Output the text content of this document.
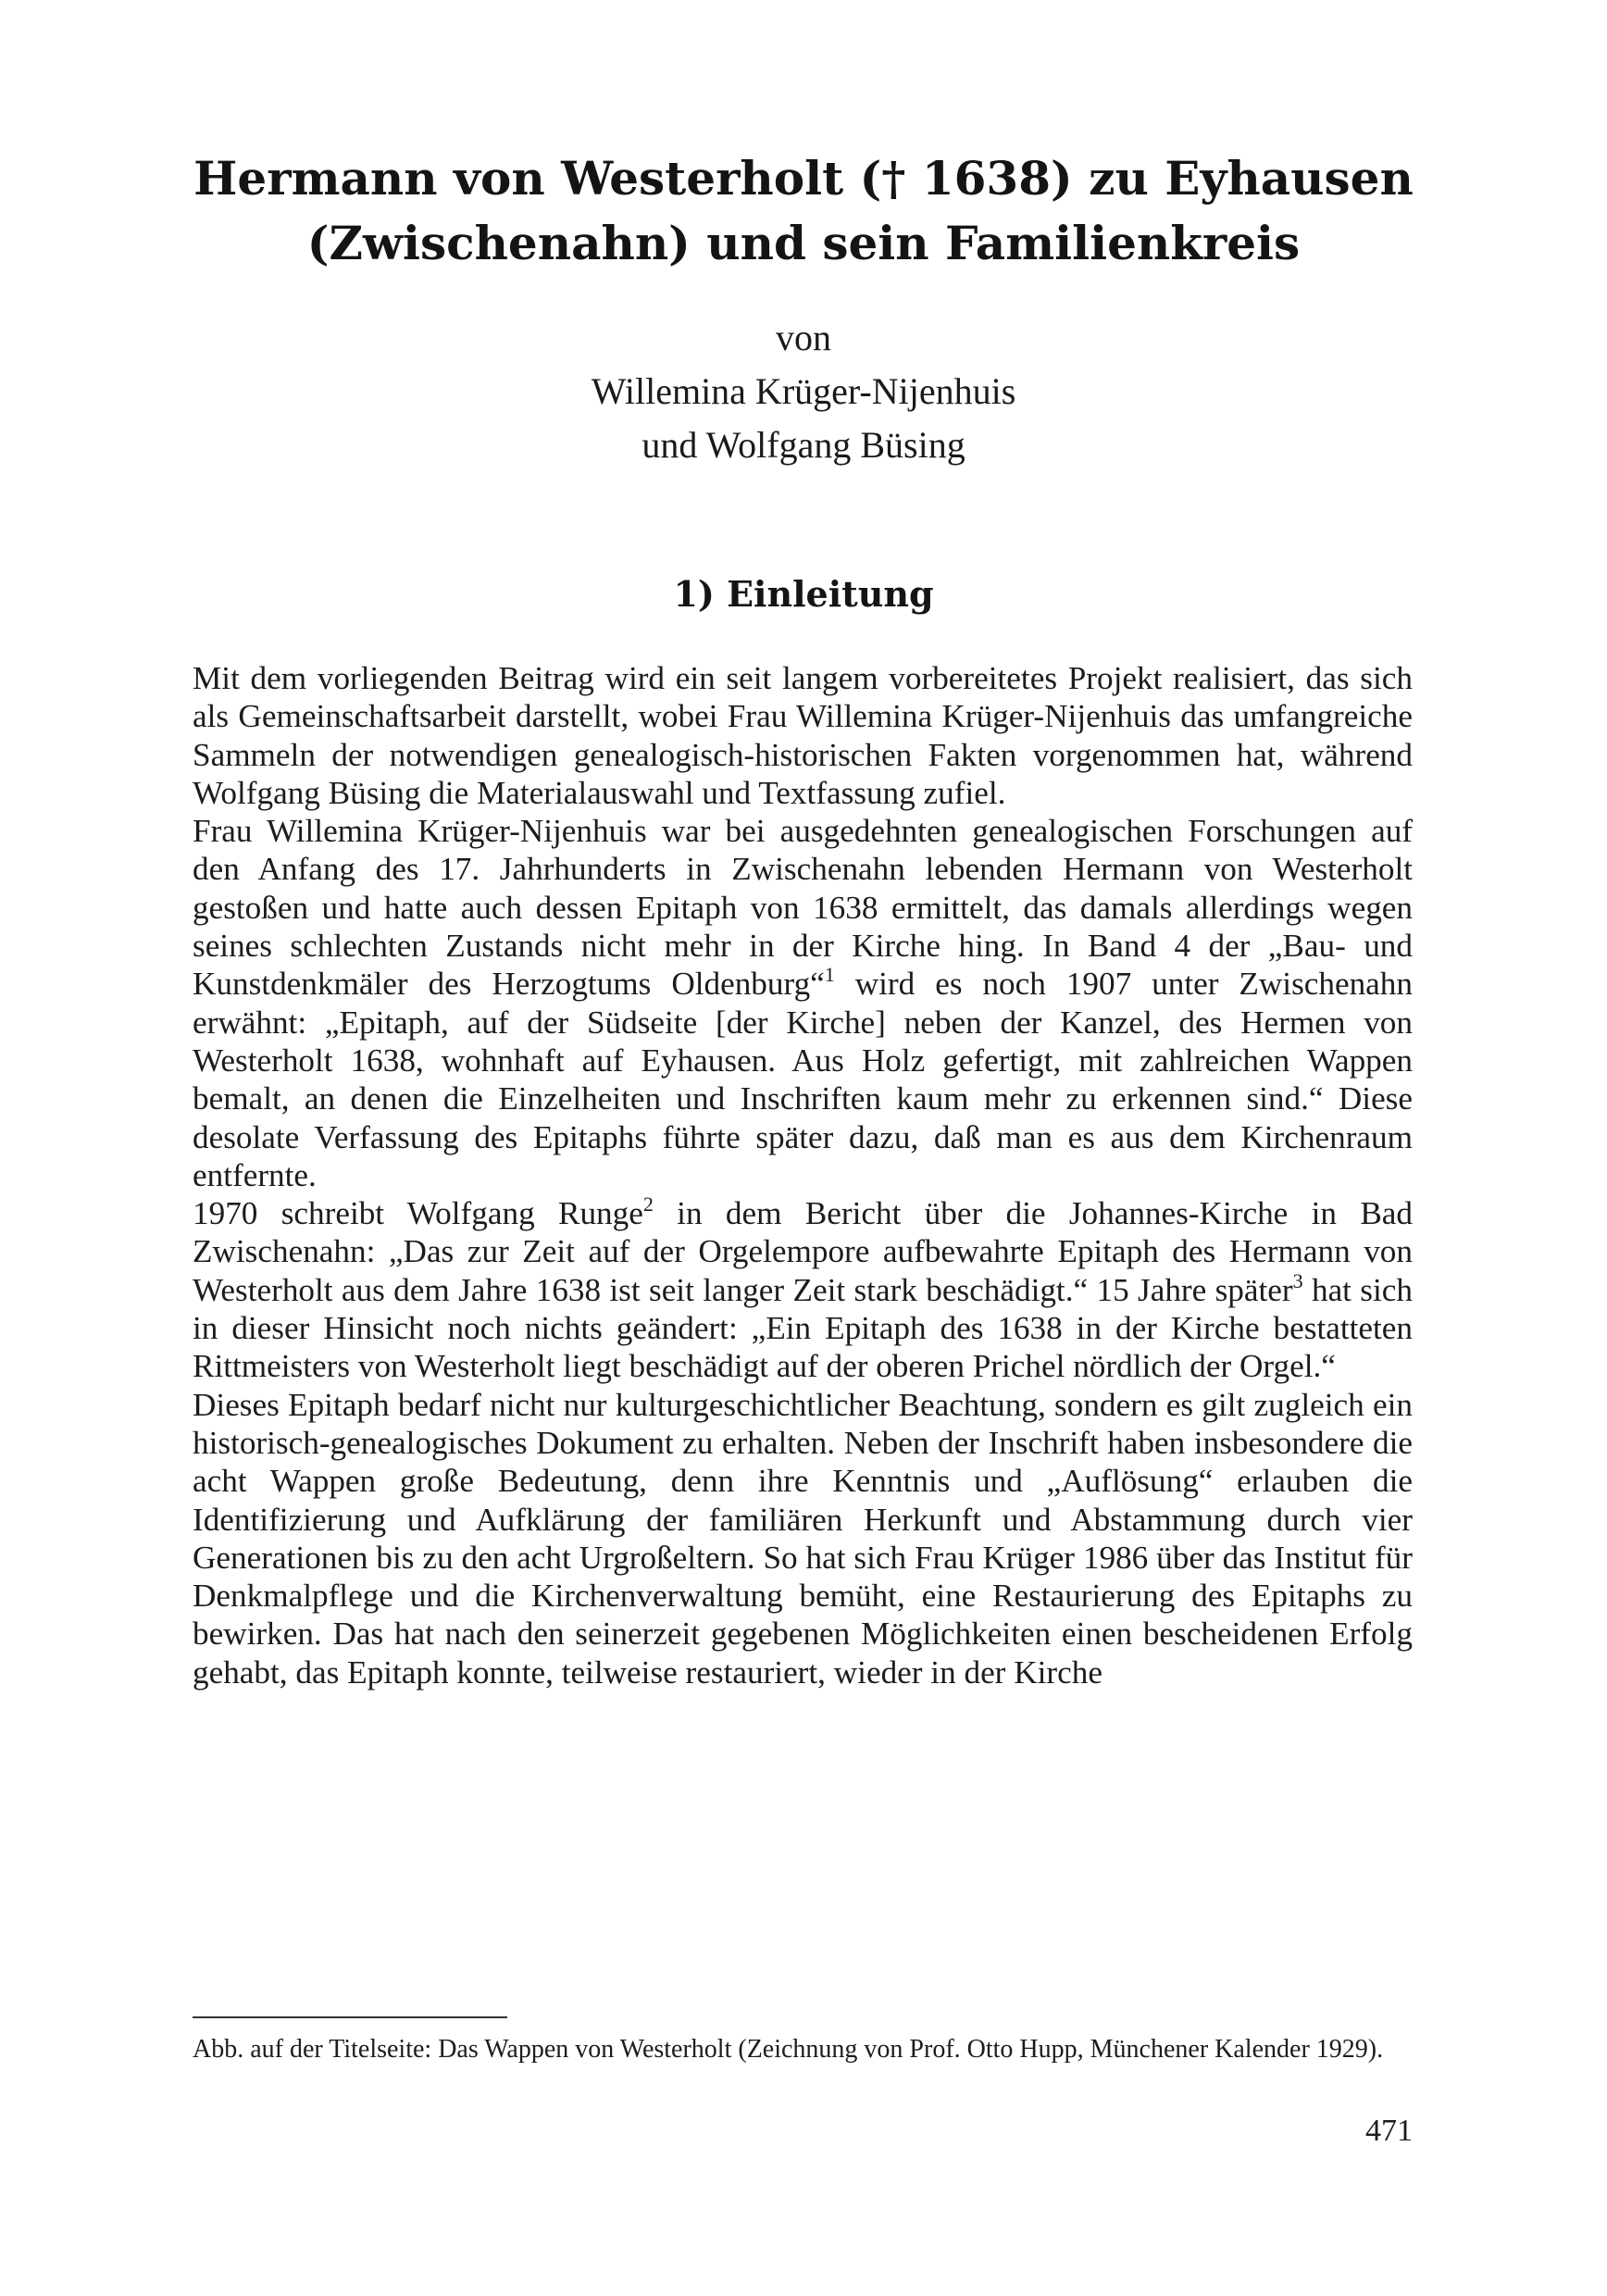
Hermann von Westerholt († 1638) zu Eyhausen
(Zwischenahn) und sein Familienkreis
von
Willemina Krüger-Nijenhuis
und Wolfgang Büsing
1) Einleitung

Mit dem vorliegenden Beitrag wird ein seit langem vorbereitetes Projekt realisiert, das sich als Gemeinschaftsarbeit darstellt, wobei Frau Willemina Krüger-Nijenhuis das umfangreiche Sammeln der notwendigen genealogisch-historischen Fakten vorgenommen hat, während Wolfgang Büsing die Materialauswahl und Textfassung zufiel.

Frau Willemina Krüger-Nijenhuis war bei ausgedehnten genealogischen Forschungen auf den Anfang des 17. Jahrhunderts in Zwischenahn lebenden Hermann von Westerholt gestoßen und hatte auch dessen Epitaph von 1638 ermittelt, das damals allerdings wegen seines schlechten Zustands nicht mehr in der Kirche hing. In Band 4 der „Bau- und Kunstdenkmäler des Herzogtums Oldenburg“$^1$ wird es noch 1907 unter Zwischenahn erwähnt: „Epitaph, auf der Südseite [der Kirche] neben der Kanzel, des Hermen von Westerholt 1638, wohnhaft auf Eyhausen. Aus Holz gefertigt, mit zahlreichen Wappen bemalt, an denen die Einzelheiten und Inschriften kaum mehr zu erkennen sind.“ Diese desolate Verfassung des Epitaphs führte später dazu, daß man es aus dem Kirchenraum entfernte.

1970 schreibt Wolfgang Runge$^2$ in dem Bericht über die Johannes-Kirche in Bad Zwischenahn: „Das zur Zeit auf der Orgelempore aufbewahrte Epitaph des Hermann von Westerholt aus dem Jahre 1638 ist seit langer Zeit stark beschädigt.“ 15 Jahre später$^3$ hat sich in dieser Hinsicht noch nichts geändert: „Ein Epitaph des 1638 in der Kirche bestatteten Rittmeisters von Westerholt liegt beschädigt auf der oberen Prichel nördlich der Orgel.“

Dieses Epitaph bedarf nicht nur kulturgeschichtlicher Beachtung, sondern es gilt zugleich ein historisch-genealogisches Dokument zu erhalten. Neben der Inschrift haben insbesondere die acht Wappen große Bedeutung, denn ihre Kenntnis und „Auflösung“ erlauben die Identifizierung und Aufklärung der familiären Herkunft und Abstammung durch vier Generationen bis zu den acht Urgroßeltern. So hat sich Frau Krüger 1986 über das Institut für Denkmalpflege und die Kirchenverwaltung bemüht, eine Restaurierung des Epitaphs zu bewirken. Das hat nach den seinerzeit gegebenen Möglichkeiten einen bescheidenen Erfolg gehabt, das Epitaph konnte, teilweise restauriert, wieder in der Kirche

Abb. auf der Titelseite: Das Wappen von Westerholt (Zeichnung von Prof. Otto Hupp, Münchener Kalender 1929).
471
